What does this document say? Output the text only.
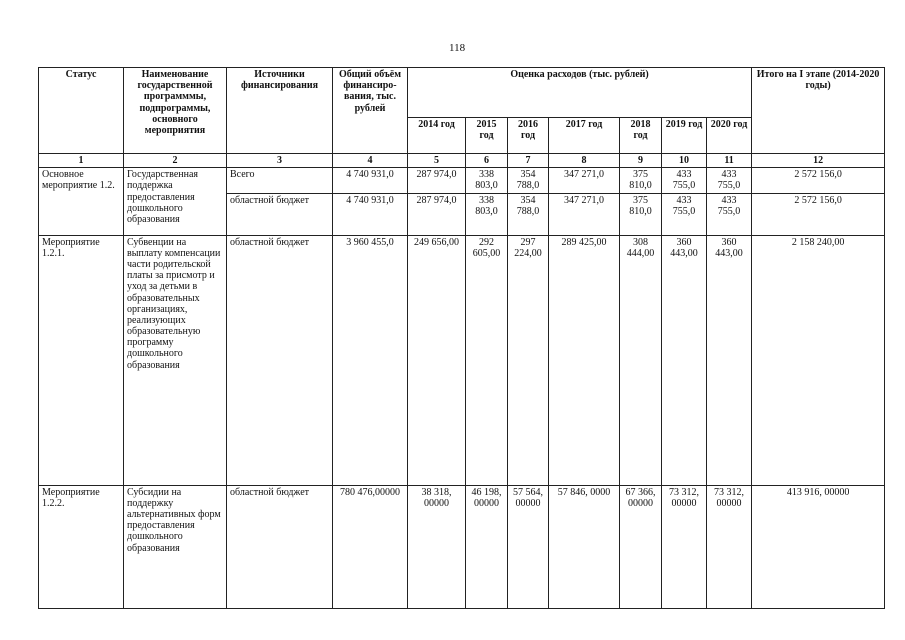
118
Статус	Наименование государственной программмы, подпрограммы, основного мероприятия	Источники финансирования	Общий объём финансиро-вания, тыс. рублей	Оценка расходов (тыс. рублей)							Итого на I этапе (2014-2020 годы)
				2014 год	2015 год	2016 год	2017 год	2018 год	2019 год	2020 год	
1	2	3	4	5	6	7	8	9	10	11	12
Основное мероприятие 1.2.	Государственная поддержка предоставления дошкольного образования	Всего	4 740 931,0	287 974,0	338 803,0	354 788,0	347 271,0	375 810,0	433 755,0	433 755,0	2 572 156,0
		областной бюджет	4 740 931,0	287 974,0	338 803,0	354 788,0	347 271,0	375 810,0	433 755,0	433 755,0	2 572 156,0
Мероприятие 1.2.1.	Субвенции на выплату компенсации части родительской платы за присмотр и уход за детьми в образовательных организациях, реализующих образовательную программу дошкольного образования	областной бюджет	3 960 455,0	249 656,00	292 605,00	297 224,00	289 425,00	308 444,00	360 443,00	360 443,00	2 158 240,00
Мероприятие 1.2.2.	Субсидии на поддержку альтернативных форм предоставления дошкольного образования	областной бюджет	780 476,00000	38 318, 00000	46 198, 00000	57 564, 00000	57 846, 0000	67 366, 00000	73 312, 00000	73 312, 00000	413 916, 00000
